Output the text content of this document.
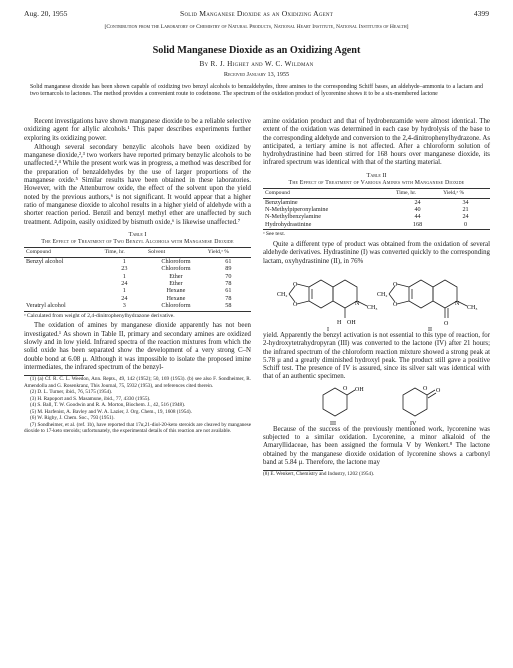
Aug. 20, 1955	Solid Manganese Dioxide as an Oxidizing Agent	4399
[Contribution from the Laboratory of Chemistry of Natural Products, National Heart Institute, National Institutes of Health]
Solid Manganese Dioxide as an Oxidizing Agent
By R. J. Highet and W. C. Wildman
Received January 13, 1955
Solid manganese dioxide has been shown capable of oxidizing two benzyl alcohols to benzaldehydes, three amines to the corresponding Schiff bases, an aldehyde–ammonia to a lactam and two ternarcols to lactones. The method provides a convenient route to codeinone. The spectrum of the oxidation product of lycorenine shows it to be a six-membered lactone

Recent investigations have shown manganese dioxide to be a reliable selective oxidizing agent for allylic alcohols.¹ This paper describes experiments further exploring its oxidizing power.

Although several secondary benzylic alcohols have been oxidized by manganese dioxide,²,³ two workers have reported primary benzylic alcohols to be unaffected.²,⁴ While the present work was in progress, a method was described for the preparation of benzaldehydes by the use of larger proportions of the manganese oxide.⁵ Similar results have been obtained in these laboratories. However, with the Attenburrow oxide, the effect of the solvent upon the yield noted by the previous authors,⁶ is not significant. It would appear that a higher ratio of manganese dioxide to alcohol results in a higher yield of aldehyde with a shorter reaction period. Benzil and benzyl methyl ether are unaffected by such treatment. Adipoin, easily oxidized by bismuth oxide,⁶ is likewise unaffected.⁷

Table I
The Effect of Treatment of Two Benzyl Alcohols with Manganese Dioxide
Compound	Time, hr.	Solvent	Yield,ᵃ %
Benzyl alcohol	1	Chloroform	61
	23	Chloroform	89
	1	Ether	70
	24	Ether	78
	1	Hexane	61
	24	Hexane	78
Veratryl alcohol	3	Chloroform	58
ᵃ Calculated from weight of 2,4-dinitrophenylhydrazone derivative.

The oxidation of amines by manganese dioxide apparently has not been investigated.¹ As shown in Table II, primary and secondary amines are oxidized slowly and in low yield. Infrared spectra of the reaction mixtures from which the solid oxide has been separated show the development of a very strong C–N double bond at 6.08 μ. Although it was impossible to isolate the proposed imine intermediates, the infrared spectrum of the benzyl-

(1) (a) Cf. R. C. L. Weedon, Ann. Repts., 49, 142 (1952); 50, 169 (1953). (b) see also F. Sondheimer, R. Amendolla and G. Rosenkranz, This Journal, 75, 5932 (1953), and references cited therein.
(2) D. L. Turner, ibid., 76, 5175 (1954).
(3) H. Rapoport and S. Masamune, ibid., 77, 4330 (1955).
(4) S. Ball, T. W. Goodwin and R. A. Morton, Biochem. J., 42, 516 (1948).
(5) M. Harfenist, A. Bavley and W. A. Lazier, J. Org. Chem., 19, 1608 (1954).
(6) W. Rigby, J. Chem. Soc., 793 (1951).
(7) Sondheimer, et al. (ref. 1b), have reported that 17α,21-diol-20-keto steroids are cleaved by manganese dioxide to 17-keto steroids; unfortunately, the experimental details of this reaction are not available.

amine oxidation product and that of hydrobenzamide were almost identical. The extent of the oxidation was determined in each case by hydrolysis of the base to the corresponding aldehyde and conversion to the 2,4-dinitrophenylhydrazone. As anticipated, a tertiary amine is not affected. After a chloroform solution of hydrohydrastinine had been stirred for 168 hours over manganese dioxide, its infrared spectrum was identical with that of the starting material.

Table II
The Effect of Treatment of Various Amines with Manganese Dioxide
Compound	Time, hr.	Yield,ᵃ %
Benzylamine	24	34
N-Methylpiperonylamine	40	21
N-Methylbenzylamine	44	24
Hydrohydrastinine	168	0
ᵃ See text.

Quite a different type of product was obtained from the oxidation of several aldehyde derivatives. Hydrastinine (I) was converted quickly to the corresponding lactam, oxyhydrastinine (II), in 76%

O
O
CH₂
N
CH₃
H OH
I
O
O
CH₂
N
CH₃
O
II

yield. Apparently the benzyl activation is not essential to this type of reaction, for 2-hydroxytetrahydropyran (III) was converted to the lactone (IV) after 21 hours; the infrared spectrum of the chloroform reaction mixture showed a strong peak at 5.78 μ and a greatly diminished hydroxyl peak. The product still gave a positive Schiff test. The presence of IV is assured, since its silver salt was identical with that of an authentic specimen.

O OH
III
O O
IV

Because of the success of the previously mentioned work, lycorenine was subjected to a similar oxidation. Lycorenine, a minor alkaloid of the Amaryllidaceae, has been assigned the formula V by Wenkert.⁸ The lactone obtained by the manganese dioxide oxidation of lycorenine shows a carbonyl band at 5.84 μ. Therefore, the lactone may

(8) E. Wenkert, Chemistry and Industry, 1202 (1954).
